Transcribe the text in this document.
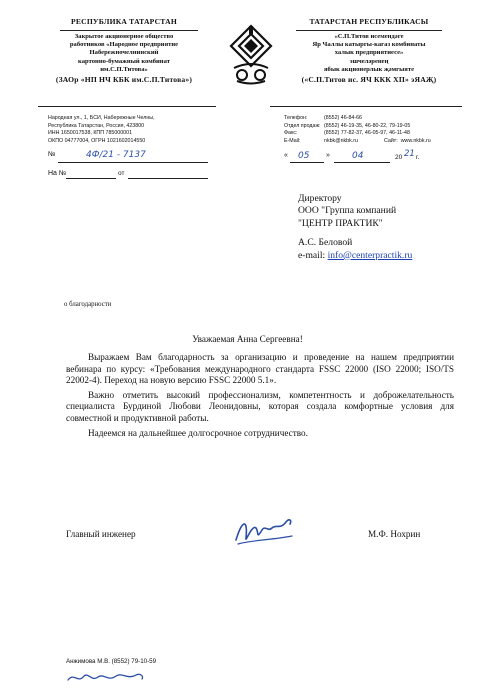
РЕСПУБЛИКА ТАТАРСТАН
Закрытое акционерное общество
работников «Народное предприятие
Набережночелнинский
картонно-бумажный комбинат
им.С.П.Титова»
(ЗАОр «НП НЧ КБК им.С.П.Титова»)
ТАТАРСТАН РЕСПУБЛИКАСЫ
«С.П.Титов исемендәге
Яр Чаллы катыргы-кагаз комбинаты
халык предприятиесе»
эшчеләренең
ябык акционерлык җәмгыяте
(«С.П.Титов ис. ЯЧ ККК ХП» эЯАҖ)
Народная ул., 1, БСИ, Набережные Челны,
Республика Татарстан, Россия, 423800
ИНН 1650017538, КПП 785000001
ОКПО 04777004, ОГРН 1021602014550
№	4Ф/21 - 7137
На №	от
Телефон:	(8552) 46-84-66
Отдел продаж: (8552) 46-19-35, 46-80-22, 79-19-05
Факс:	(8552) 77-82-37, 46-05-97, 46-11-48
E-Mail:	nkbk@nkbk.ru	Сайт: www.nkbk.ru
« 05 » 04	20 21 г.
Директору
ООО "Группа компаний
"ЦЕНТР ПРАКТИК"
А.С. Беловой
e-mail: info@centerpractik.ru
о благодарности
Уважаемая Анна Сергеевна!

Выражаем Вам благодарность за организацию и проведение на нашем предприятии вебинара по курсу: «Требования международного стандарта FSSC 22000 (ISO 22000; ISO/TS 22002-4). Переход на новую версию FSSC 22000 5.1».

Важно отметить высокий профессионализм, компетентность и доброжелательность специалиста Бурдиной Любови Леонидовны, которая создала комфортные условия для совместной и продуктивной работы.

Надеемся на дальнейшее долгосрочное сотрудничество.

Главный инженер	М.Ф. Нохрин
Анжимова М.В. (8552) 79-10-59
